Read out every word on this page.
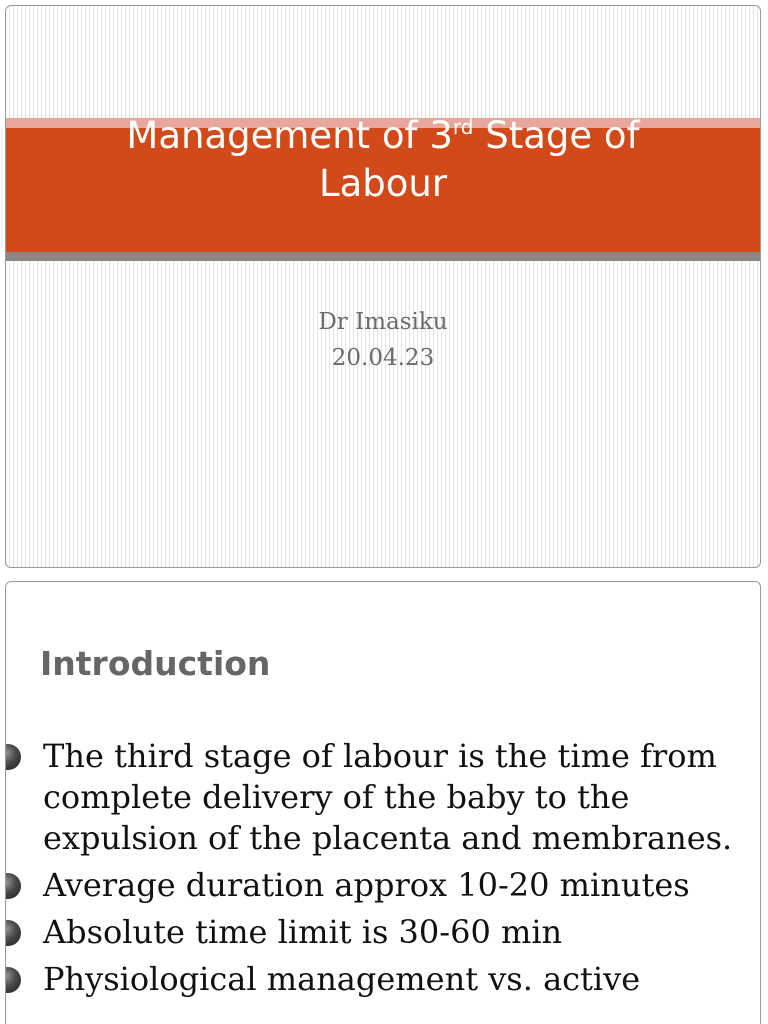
Management of 3rd Stage of
Labour
Dr Imasiku
20.04.23
Introduction
The third stage of labour is the time from complete delivery of the baby to the expulsion of the placenta and membranes.
Average duration approx 10-20 minutes
Absolute time limit is 30-60 min
Physiological management vs. active
